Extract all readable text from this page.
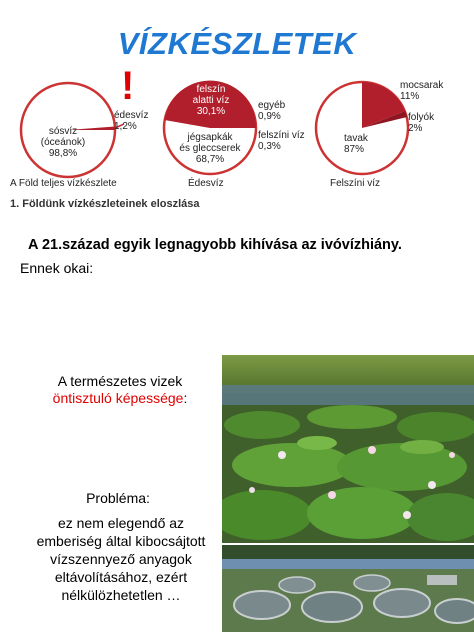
VÍZKÉSZLETEK
!
sósvíz
(óceánok)
98,8%
édesvíz
1,2%
A Föld teljes vízkészlete
felszín
alatti víz
30,1%
jégsapkák
és gleccserek
68,7%
egyéb
0,9%
felszíni víz
0,3%
Édesvíz
mocsarak
11%
folyók
2%
tavak
87%
Felszíni víz
1. Földünk vízkészleteinek eloszlása
A 21.század egyik legnagyobb kihívása az ivóvízhiány.
Ennek okai:
A természetes vizek
öntisztuló képessége:
Probléma:
ez nem elegendő az
emberiség által kibocsájtott
vízszennyező anyagok
eltávolításához, ezért
nélkülözhetetlen …
